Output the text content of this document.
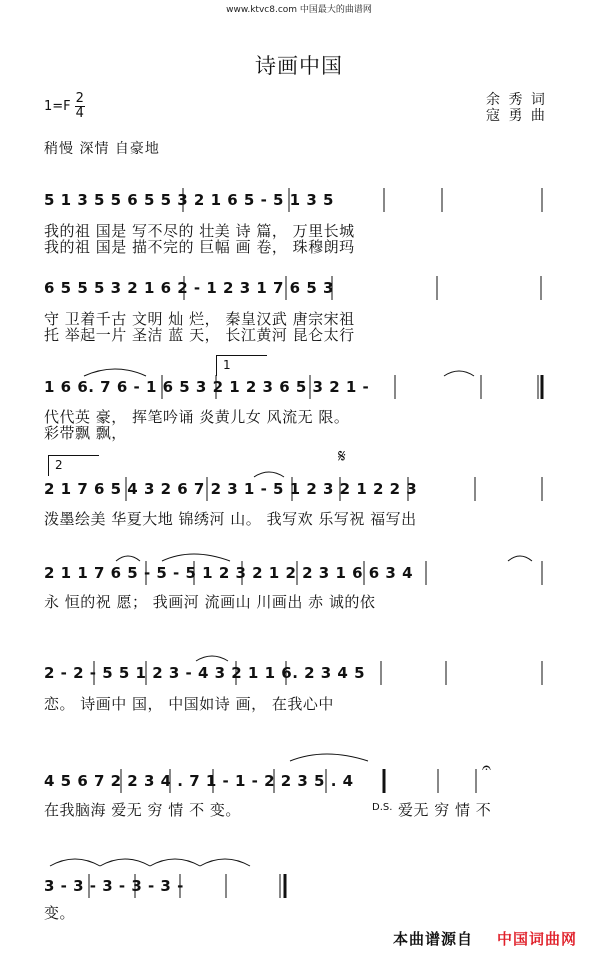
www.ktvc8.com 中国最大的曲谱网
诗画中国
$1=F \frac{2}{4}$	余 秀 词
寇 勇 曲
稍慢 深情 自豪地
5 1 3 5 5 6 5 5 3 2 1 6 5 - 5 1 3 5
我的祖 国是 写不尽的 壮美 诗 篇， 万里长城
我的祖 国是 描不完的 巨幅 画 卷， 珠穆朗玛
6 5 5 5 3 2 1 6 2 - 1 2 3 1 7 6 5 3
守 卫着千古 文明 灿 烂， 秦皇汉武 唐宗宋祖
托 举起一片 圣洁 蓝 天， 长江黄河 昆仑太行
1
1 6 6. 7 6 - 1 6 5 3 2 1 2 3 6 5 3 2 1 -
代代英 豪， 挥笔吟诵 炎黄儿女 风流无 限。
彩带飘 飘，
2	𝄋
2 1 7 6 5 4 3 2 6 7 2 3 1 - 5 1 2 3 2 1 2 2 3
泼墨绘美 华夏大地 锦绣河 山。 我写欢 乐写祝 福写出
2 1 1 7 6 5 - 5 - 5 1 2 3 2 1 2 2 3 1 6 6 3 4
永 恒的祝 愿； 我画河 流画山 川画出 赤 诚的依
2 - 2 - 5 5 1 2 3 - 4 3 2 1 1 6. 2 3 4 5
恋。 诗画中 国， 中国如诗 画， 在我心中
𝄐
4 5 6 7 2 2 3 4 . 7 1 - 1 - 2 2 3 5 . 4
在我脑海 爱无 穷 情 不 变。	D.S. 爱无 穷 情 不
3 - 3 - 3 - 3 - 3 -
变。
本曲谱源自 中国词曲网
